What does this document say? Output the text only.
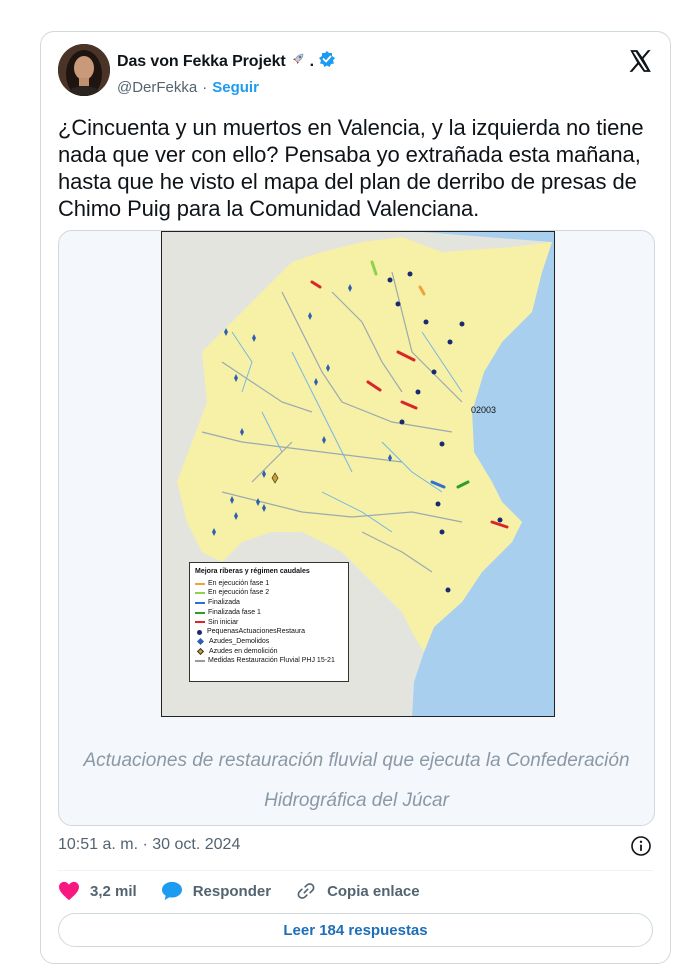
Das von Fekka Projekt .
@DerFekka · Seguir
¿Cincuenta y un muertos en Valencia, y la izquierda no tiene nada que ver con ello? Pensaba yo extrañada esta mañana, hasta que he visto el mapa del plan de derribo de presas de Chimo Puig para la Comunidad Valenciana.
02003
Mejora riberas y régimen caudales
En ejecución fase 1
En ejecución fase 2
Finalizada
Finalizada fase 1
Sin iniciar
PequenasActuacionesRestaura
Azudes_Demolidos
Azudes en demolición
Medidas Restauración Fluvial PHJ 15-21
Actuaciones de restauración fluvial que ejecuta la Confederación Hidrográfica del Júcar
10:51 a. m. · 30 oct. 2024
3,2 mil	Responder	Copia enlace
Leer 184 respuestas
